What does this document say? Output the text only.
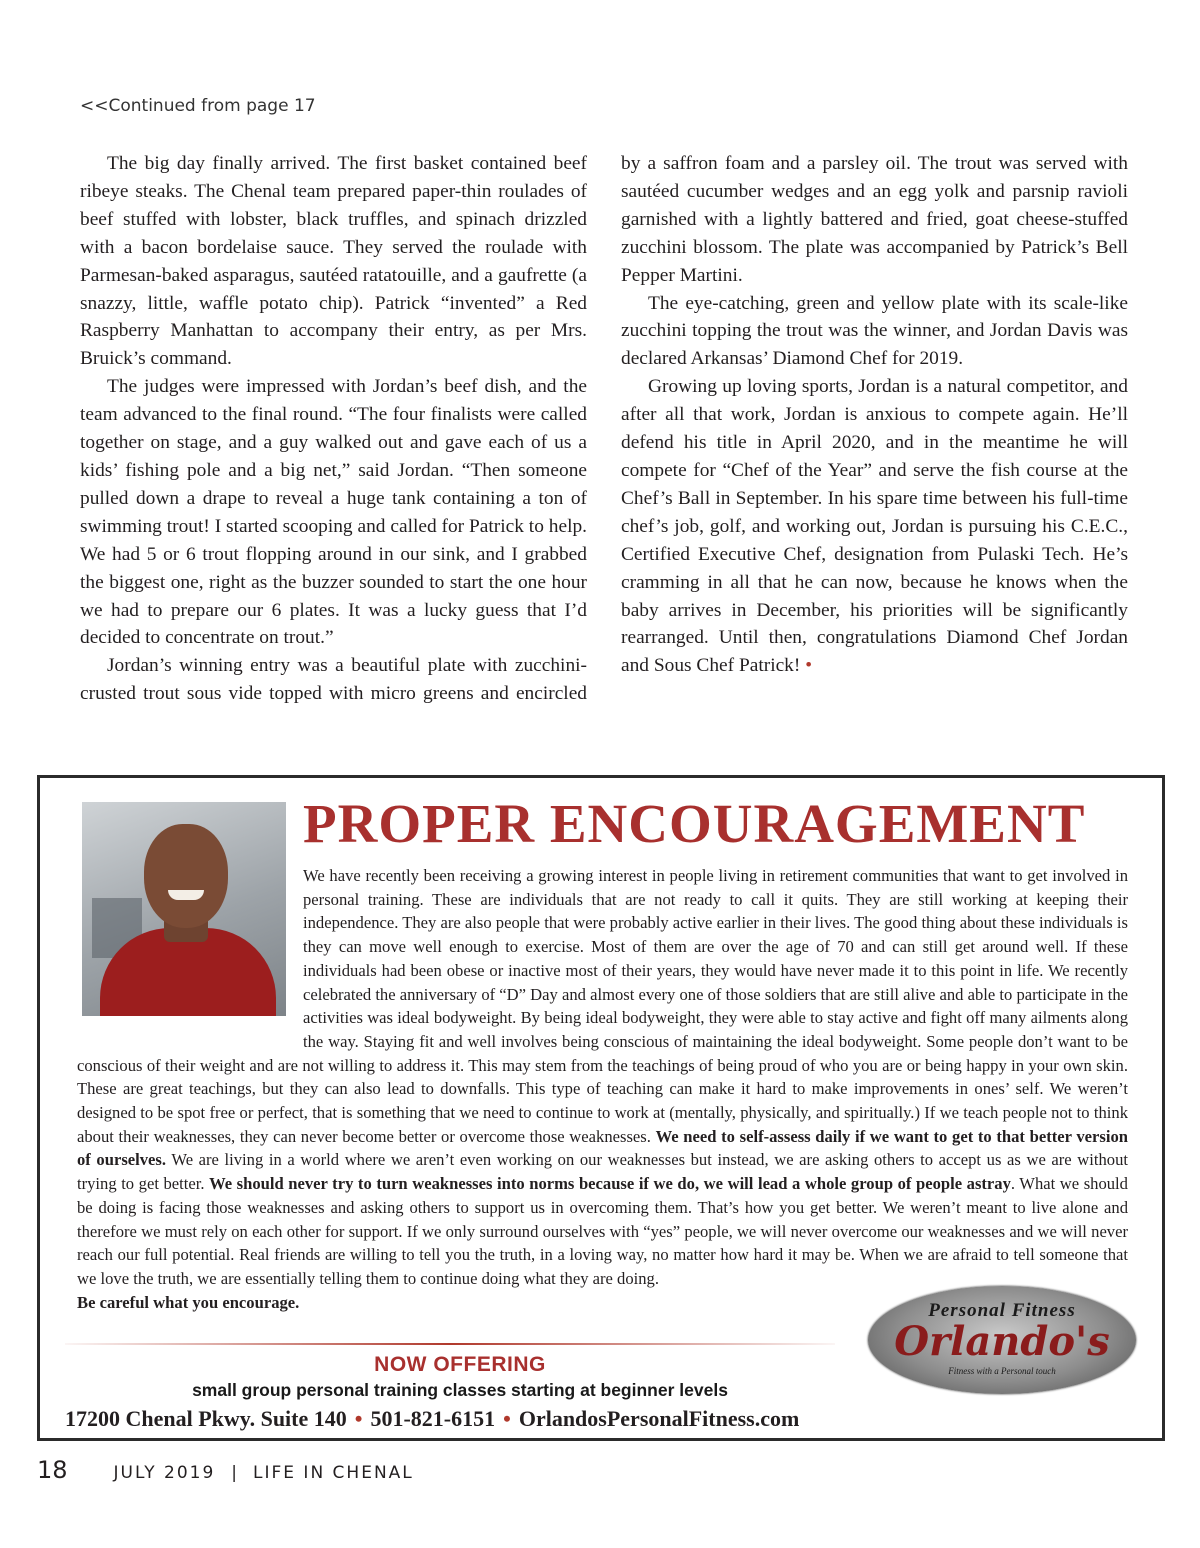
<<Continued from page 17

The big day finally arrived. The first basket contained beef ribeye steaks. The Chenal team prepared paper-thin roulades of beef stuffed with lobster, black truffles, and spinach drizzled with a bacon bordelaise sauce. They served the roulade with Parmesan-baked asparagus, sautéed ratatouille, and a gaufrette (a snazzy, little, waffle potato chip). Patrick “invented” a Red Raspberry Manhattan to accompany their entry, as per Mrs. Bruick’s command.

The judges were impressed with Jordan’s beef dish, and the team advanced to the final round. “The four finalists were called together on stage, and a guy walked out and gave each of us a kids’ fishing pole and a big net,” said Jordan. “Then someone pulled down a drape to reveal a huge tank containing a ton of swimming trout! I started scooping and called for Patrick to help. We had 5 or 6 trout flopping around in our sink, and I grabbed the biggest one, right as the buzzer sounded to start the one hour we had to prepare our 6 plates. It was a lucky guess that I’d decided to concentrate on trout.”

Jordan’s winning entry was a beautiful plate with zucchini-crusted trout sous vide topped with micro greens and encircled

by a saffron foam and a parsley oil. The trout was served with sautéed cucumber wedges and an egg yolk and parsnip ravioli garnished with a lightly battered and fried, goat cheese-stuffed zucchini blossom. The plate was accompanied by Patrick’s Bell Pepper Martini.

The eye-catching, green and yellow plate with its scale-like zucchini topping the trout was the winner, and Jordan Davis was declared Arkansas’ Diamond Chef for 2019.

Growing up loving sports, Jordan is a natural competitor, and after all that work, Jordan is anxious to compete again. He’ll defend his title in April 2020, and in the meantime he will compete for “Chef of the Year” and serve the fish course at the Chef’s Ball in September. In his spare time between his full-time chef’s job, golf, and working out, Jordan is pursuing his C.E.C., Certified Executive Chef, designation from Pulaski Tech. He’s cramming in all that he can now, because he knows when the baby arrives in December, his priorities will be significantly rearranged. Until then, congratulations Diamond Chef Jordan and Sous Chef Patrick! •

PROPER ENCOURAGEMENT

We have recently been receiving a growing interest in people living in retirement communities that want to get involved in personal training. These are individuals that are not ready to call it quits. They are still working at keeping their independence. They are also people that were probably active earlier in their lives. The good thing about these individuals is they can move well enough to exercise. Most of them are over the age of 70 and can still get around well. If these individuals had been obese or inactive most of their years, they would have never made it to this point in life. We recently celebrated the anniversary of “D” Day and almost every one of those soldiers that are still alive and able to participate in the activities was ideal bodyweight. By being ideal bodyweight, they were able to stay active and fight off many ailments along the way. Staying fit and well involves being conscious of maintaining the ideal bodyweight. Some people don’t want to be conscious of their weight and are not willing to address it. This may stem from the teachings of being proud of who you are or being happy in your own skin. These are great teachings, but they can also lead to downfalls. This type of teaching can make it hard to make improvements in ones’ self. We weren’t designed to be spot free or perfect, that is something that we need to continue to work at (mentally, physically, and spiritually.) If we teach people not to think about their weaknesses, they can never become better or overcome those weaknesses. We need to self-assess daily if we want to get to that better version of ourselves. We are living in a world where we aren’t even working on our weaknesses but instead, we are asking others to accept us as we are without trying to get better. We should never try to turn weaknesses into norms because if we do, we will lead a whole group of people astray. What we should be doing is facing those weaknesses and asking others to support us in overcoming them. That’s how you get better. We weren’t meant to live alone and therefore we must rely on each other for support. If we only surround ourselves with “yes” people, we will never overcome our weaknesses and we will never reach our full potential. Real friends are willing to tell you the truth, in a loving way, no matter how hard it may be. When we are afraid to tell someone that we love the truth, we are essentially telling them to continue doing what they are doing.

Be careful what you encourage.
NOW OFFERING
small group personal training classes starting at beginner levels
17200 Chenal Pkwy. Suite 140 • 501-821-6151 • OrlandosPersonalFitness.com
Personal Fitness
Orlando's
Fitness with a Personal touch
18	JULY 2019 | LIFE IN CHENAL
